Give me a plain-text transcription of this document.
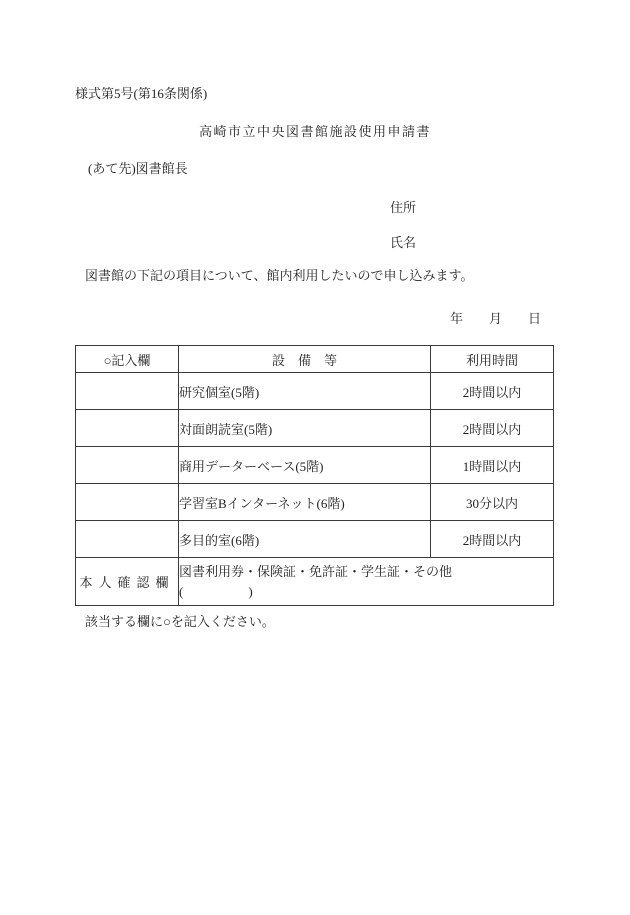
様式第5号(第16条関係)
高崎市立中央図書館施設使用申請書
(あて先)図書館長
住所
氏名
図書館の下記の項目について、館内利用したいので申し込みます。
年 月 日
○記入欄	設　備　等	利用時間
	研究個室(5階)	2時間以内
	対面朗読室(5階)	2時間以内
	商用データーベース(5階)	1時間以内
	学習室Bインターネット(6階)	30分以内
	多目的室(6階)	2時間以内
本人確認欄	図書利用券・保険証・免許証・学生証・その他
(　　　　　)	
該当する欄に○を記入ください。
